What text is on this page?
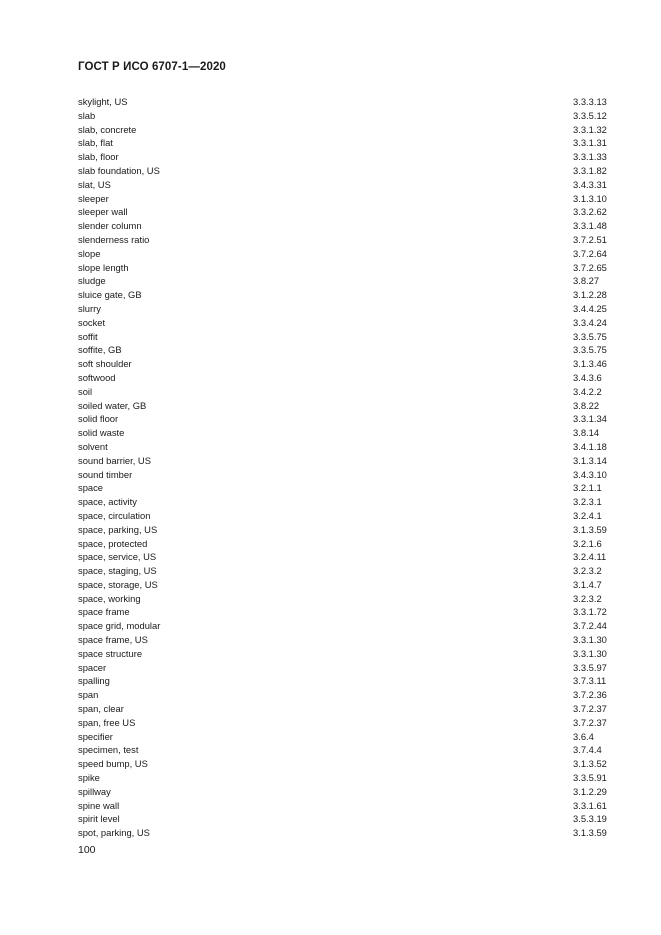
ГОСТ Р ИСО 6707-1—2020
skylight, US	3.3.3.13
slab	3.3.5.12
slab, concrete	3.3.1.32
slab, flat	3.3.1.31
slab, floor	3.3.1.33
slab foundation, US	3.3.1.82
slat, US	3.4.3.31
sleeper	3.1.3.10
sleeper wall	3.3.2.62
slender column	3.3.1.48
slenderness ratio	3.7.2.51
slope	3.7.2.64
slope length	3.7.2.65
sludge	3.8.27
sluice gate, GB	3.1.2.28
slurry	3.4.4.25
socket	3.3.4.24
soffit	3.3.5.75
soffite, GB	3.3.5.75
soft shoulder	3.1.3.46
softwood	3.4.3.6
soil	3.4.2.2
soiled water, GB	3.8.22
solid floor	3.3.1.34
solid waste	3.8.14
solvent	3.4.1.18
sound barrier, US	3.1.3.14
sound timber	3.4.3.10
space	3.2.1.1
space, activity	3.2.3.1
space, circulation	3.2.4.1
space, parking, US	3.1.3.59
space, protected	3.2.1.6
space, service, US	3.2.4.11
space, staging, US	3.2.3.2
space, storage, US	3.1.4.7
space, working	3.2.3.2
space frame	3.3.1.72
space grid, modular	3.7.2.44
space frame, US	3.3.1.30
space structure	3.3.1.30
spacer	3.3.5.97
spalling	3.7.3.11
span	3.7.2.36
span, clear	3.7.2.37
span, free US	3.7.2.37
specifier	3.6.4
specimen, test	3.7.4.4
speed bump, US	3.1.3.52
spike	3.3.5.91
spillway	3.1.2.29
spine wall	3.3.1.61
spirit level	3.5.3.19
spot, parking, US	3.1.3.59
100
